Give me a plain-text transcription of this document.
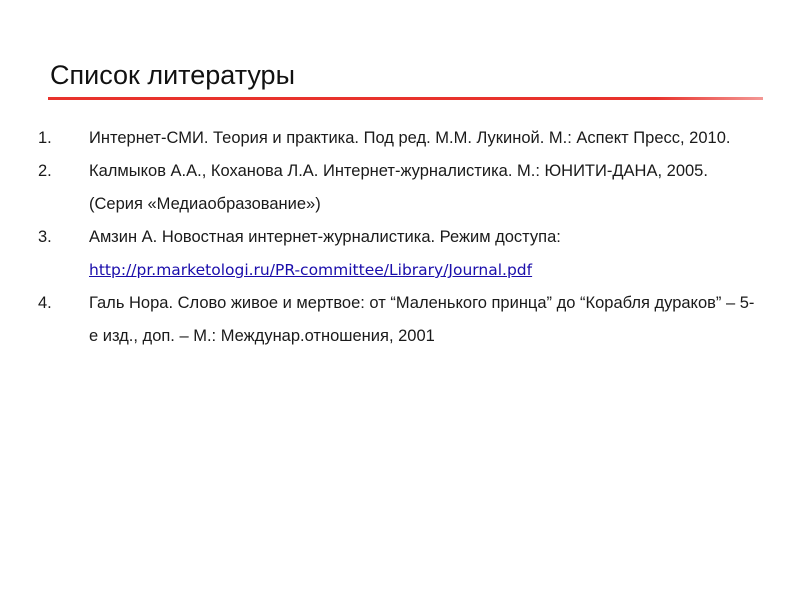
Список литературы
1. Интернет-СМИ. Теория и практика. Под ред. М.М. Лукиной. М.: Аспект Пресс, 2010.
2. Калмыков А.А., Коханова Л.А. Интернет-журналистика. М.: ЮНИТИ-ДАНА, 2005. (Серия «Медиаобразование»)
3. Амзин А. Новостная интернет-журналистика. Режим доступа: http://pr.marketologi.ru/PR-committee/Library/Journal.pdf
4. Галь Нора. Слово живое и мертвое: от “Маленького принца” до “Корабля дураков” – 5-е изд., доп. – М.: Междунар.отношения, 2001
